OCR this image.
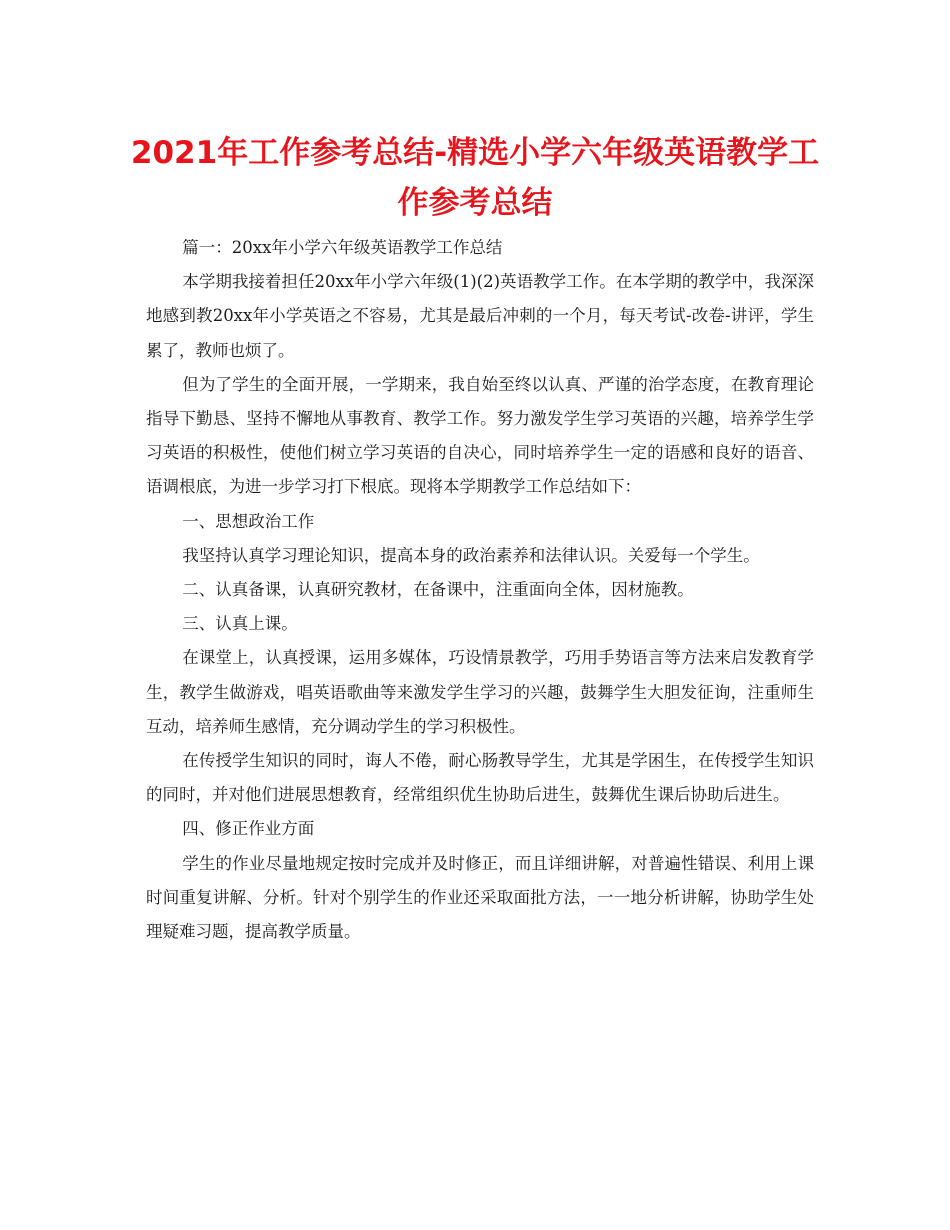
2021年工作参考总结-精选小学六年级英语教学工作参考总结

篇一：20xx年小学六年级英语教学工作总结

本学期我接着担任20xx年小学六年级(1)(2)英语教学工作。在本学期的教学中，我深深地感到教20xx年小学英语之不容易，尤其是最后冲刺的一个月，每天考试-改卷-讲评，学生累了，教师也烦了。

但为了学生的全面开展，一学期来，我自始至终以认真、严谨的治学态度，在教育理论指导下勤恳、坚持不懈地从事教育、教学工作。努力激发学生学习英语的兴趣，培养学生学习英语的积极性，使他们树立学习英语的自决心，同时培养学生一定的语感和良好的语音、语调根底，为进一步学习打下根底。现将本学期教学工作总结如下：

一、思想政治工作

我坚持认真学习理论知识，提高本身的政治素养和法律认识。关爱每一个学生。

二、认真备课，认真研究教材，在备课中，注重面向全体，因材施教。

三、认真上课。

在课堂上，认真授课，运用多媒体，巧设情景教学，巧用手势语言等方法来启发教育学生，教学生做游戏，唱英语歌曲等来激发学生学习的兴趣，鼓舞学生大胆发征询，注重师生互动，培养师生感情，充分调动学生的学习积极性。

在传授学生知识的同时，诲人不倦，耐心肠教导学生，尤其是学困生，在传授学生知识的同时，并对他们进展思想教育，经常组织优生协助后进生，鼓舞优生课后协助后进生。

四、修正作业方面

学生的作业尽量地规定按时完成并及时修正，而且详细讲解，对普遍性错误、利用上课时间重复讲解、分析。针对个别学生的作业还采取面批方法，一一地分析讲解，协助学生处理疑难习题，提高教学质量。
